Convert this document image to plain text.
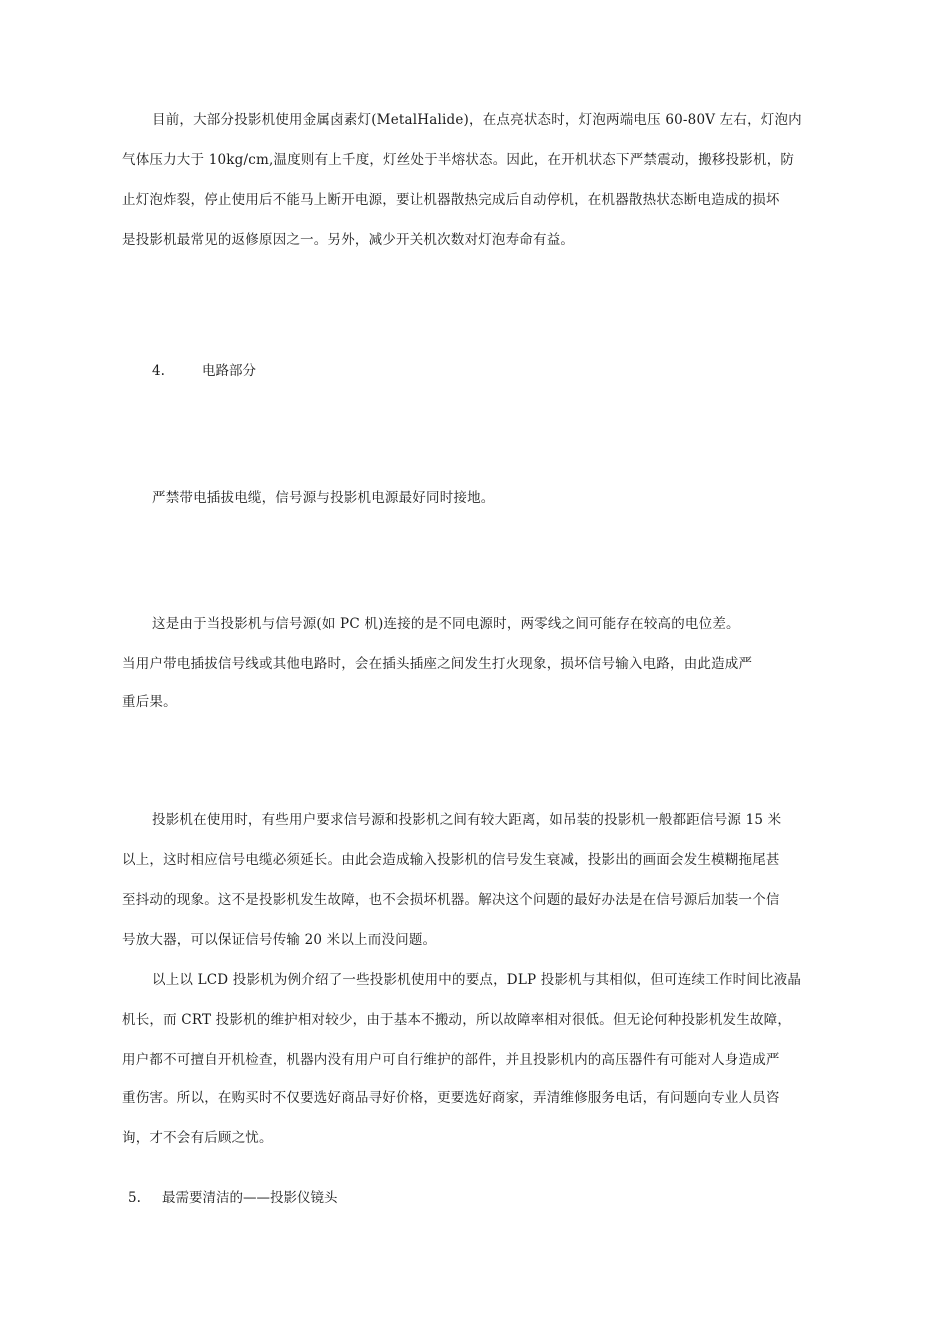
目前，大部分投影机使用金属卤素灯(MetalHalide)，在点亮状态时，灯泡两端电压 60-80V 左右，灯泡内
气体压力大于 10kg/cm,温度则有上千度，灯丝处于半熔状态。因此，在开机状态下严禁震动，搬移投影机，防
止灯泡炸裂，停止使用后不能马上断开电源，要让机器散热完成后自动停机，在机器散热状态断电造成的损坏
是投影机最常见的返修原因之一。另外，减少开关机次数对灯泡寿命有益。
4.	电路部分
严禁带电插拔电缆，信号源与投影机电源最好同时接地。
这是由于当投影机与信号源(如 PC 机)连接的是不同电源时，两零线之间可能存在较高的电位差。
当用户带电插拔信号线或其他电路时，会在插头插座之间发生打火现象，损坏信号输入电路，由此造成严
重后果。
投影机在使用时，有些用户要求信号源和投影机之间有较大距离，如吊装的投影机一般都距信号源 15 米
以上，这时相应信号电缆必须延长。由此会造成输入投影机的信号发生衰减，投影出的画面会发生模糊拖尾甚
至抖动的现象。这不是投影机发生故障，也不会损坏机器。解决这个问题的最好办法是在信号源后加装一个信
号放大器，可以保证信号传输 20 米以上而没问题。
以上以 LCD 投影机为例介绍了一些投影机使用中的要点，DLP 投影机与其相似，但可连续工作时间比液晶
机长，而 CRT 投影机的维护相对较少，由于基本不搬动，所以故障率相对很低。但无论何种投影机发生故障，
用户都不可擅自开机检查，机器内没有用户可自行维护的部件，并且投影机内的高压器件有可能对人身造成严
重伤害。所以，在购买时不仅要选好商品寻好价格，更要选好商家，弄清维修服务电话，有问题向专业人员咨
询，才不会有后顾之忧。
5. 最需要清洁的——投影仪镜头
